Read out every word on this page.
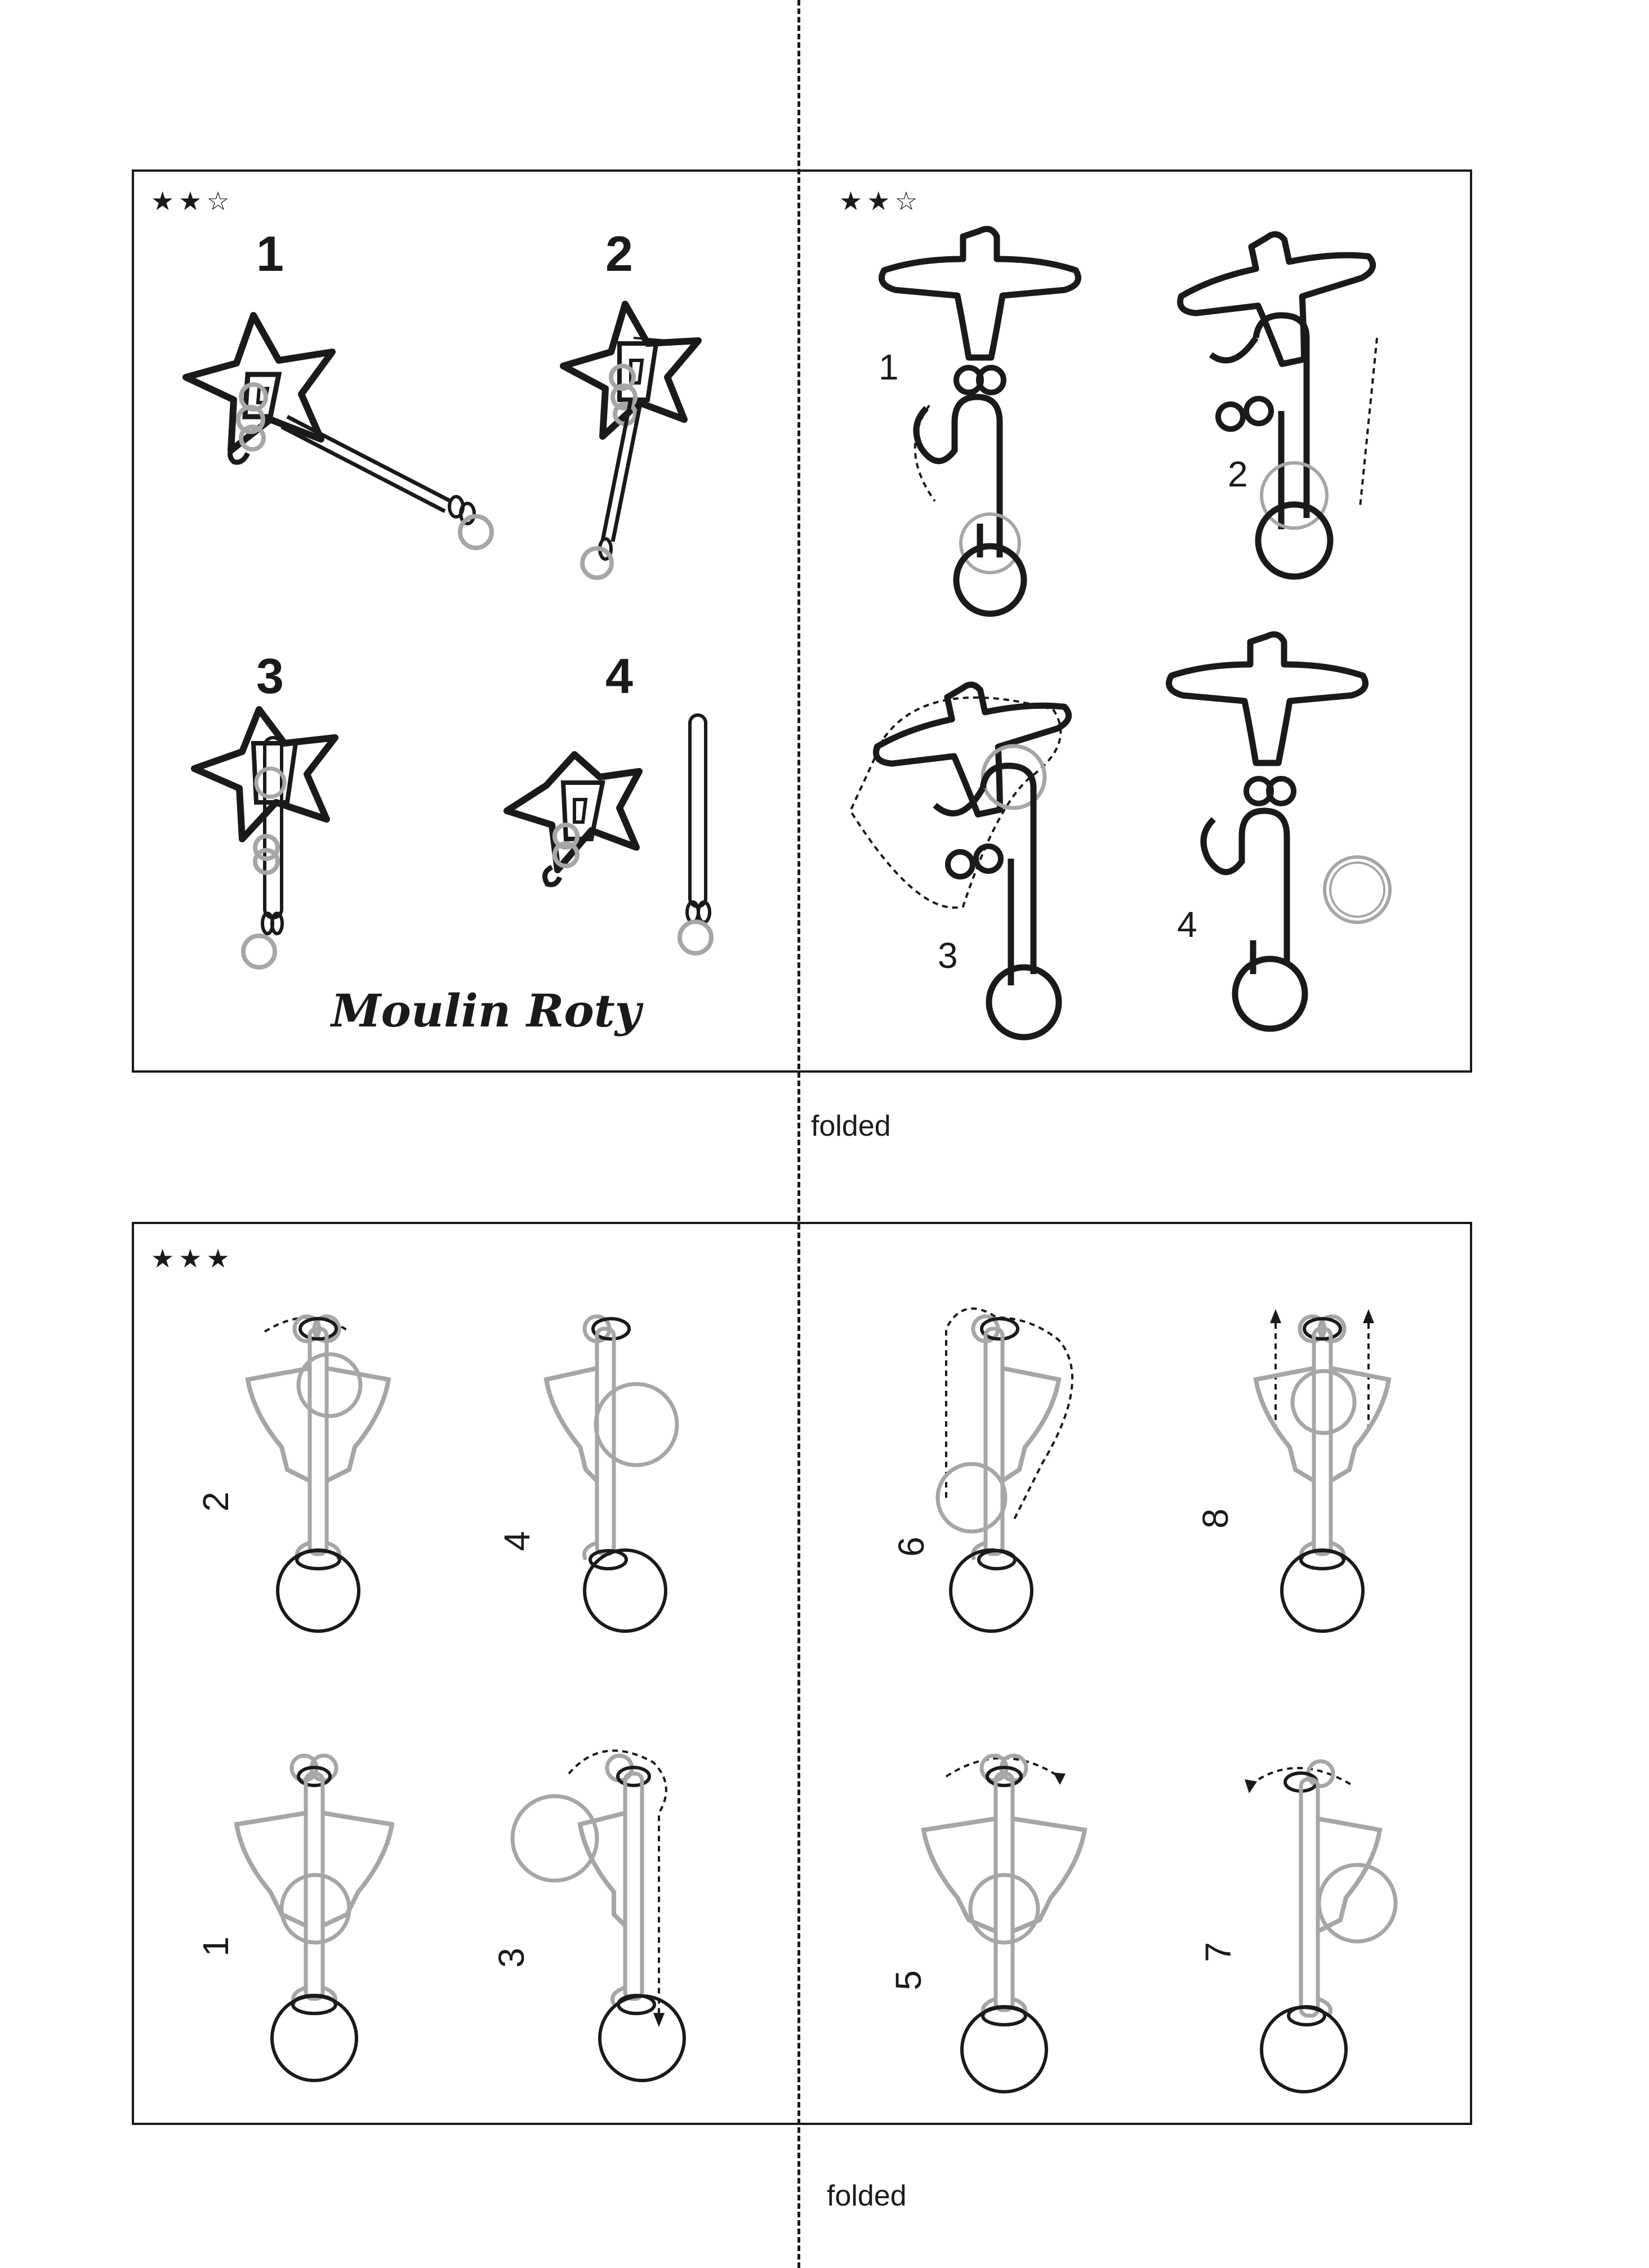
folded
folded
★★☆	★★☆
1	2
3	4
Moulin Roty
1
2
3
4
★★★
2
4	6
8
1
3
5
7
